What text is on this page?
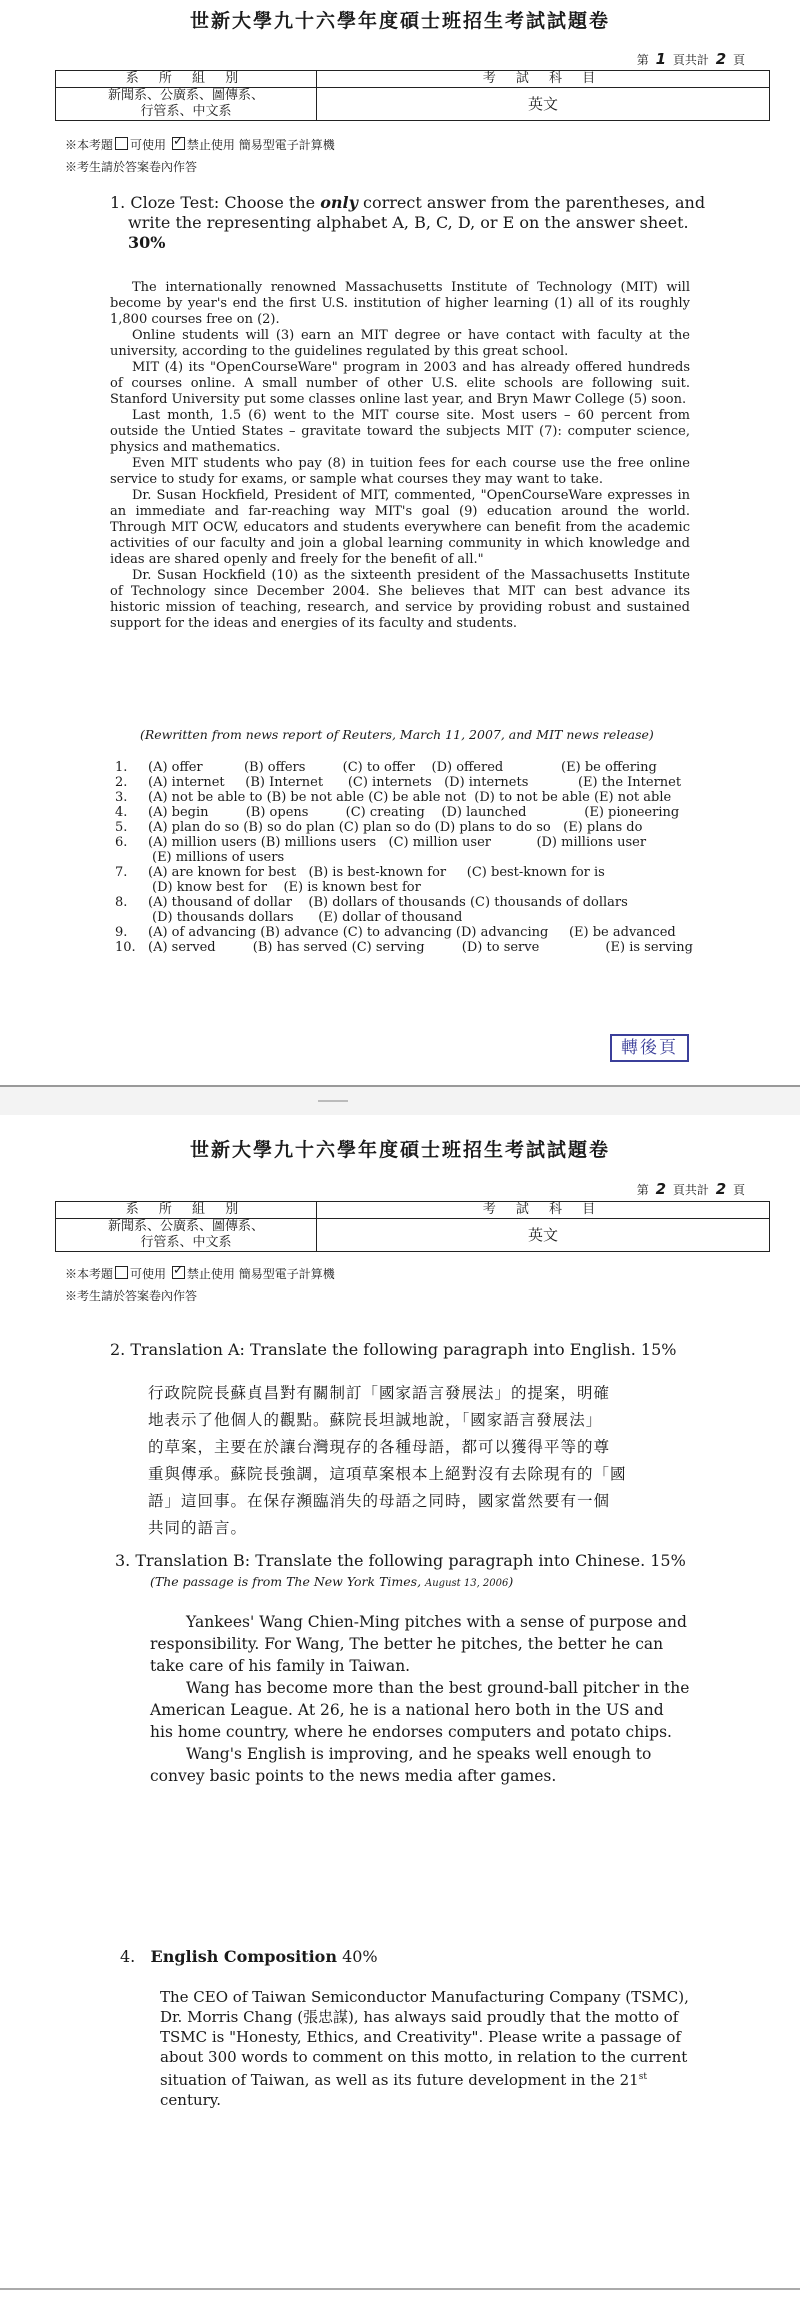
世新大學九十六學年度碩士班招生考試試題卷
第 1 頁共計 2 頁
系 所 組 別	考 試 科 目

新聞系、公廣系、圖傳系、
行管系、中文系	英文
※本考題 可使用 ✓ 禁止使用 簡易型電子計算機
※考生請於答案卷內作答
1. Cloze Test: Choose the only correct answer from the parentheses, and
write the representing alphabet A, B, C, D, or E on the answer sheet.
30%

The internationally renowned Massachusetts Institute of Technology (MIT) will become by year's end the first U.S. institution of higher learning (1) all of its roughly 1,800 courses free on (2).

Online students will (3) earn an MIT degree or have contact with faculty at the university, according to the guidelines regulated by this great school.

MIT (4) its "OpenCourseWare" program in 2003 and has already offered hundreds of courses online. A small number of other U.S. elite schools are following suit. Stanford University put some classes online last year, and Bryn Mawr College (5) soon.

Last month, 1.5 (6) went to the MIT course site. Most users – 60 percent from outside the Untied States – gravitate toward the subjects MIT (7): computer science, physics and mathematics.

Even MIT students who pay (8) in tuition fees for each course use the free online service to study for exams, or sample what courses they may want to take.

Dr. Susan Hockfield, President of MIT, commented, "OpenCourseWare expresses in an immediate and far-reaching way MIT's goal (9) education around the world. Through MIT OCW, educators and students everywhere can benefit from the academic activities of our faculty and join a global learning community in which knowledge and ideas are shared openly and freely for the benefit of all."

Dr. Susan Hockfield (10) as the sixteenth president of the Massachusetts Institute of Technology since December 2004. She believes that MIT can best advance its historic mission of teaching, research, and service by providing robust and sustained support for the ideas and energies of its faculty and students.

(Rewritten from news report of Reuters, March 11, 2007, and MIT news release)
1. (A) offer          (B) offers         (C) to offer    (D) offered              (E) be offering
2. (A) internet     (B) Internet      (C) internets   (D) internets            (E) the Internet
3. (A) not be able to (B) be not able (C) be able not  (D) to not be able (E) not able
4. (A) begin         (B) opens         (C) creating    (D) launched              (E) pioneering
5. (A) plan do so (B) so do plan (C) plan so do (D) plans to do so   (E) plans do
6. (A) million users (B) millions users   (C) million user           (D) millions user
(E) millions of users
7. (A) are known for best   (B) is best-known for     (C) best-known for is
(D) know best for    (E) is known best for
8. (A) thousand of dollar    (B) dollars of thousands (C) thousands of dollars
(D) thousands dollars      (E) dollar of thousand
9. (A) of advancing (B) advance (C) to advancing (D) advancing     (E) be advanced
10. (A) served         (B) has served (C) serving         (D) to serve                (E) is serving
轉後頁
世新大學九十六學年度碩士班招生考試試題卷
第 2 頁共計 2 頁
系 所 組 別	考 試 科 目

新聞系、公廣系、圖傳系、
行管系、中文系	英文
※本考題 可使用 ✓ 禁止使用 簡易型電子計算機
※考生請於答案卷內作答
2. Translation A: Translate the following paragraph into English. 15%
行政院院長蘇貞昌對有關制訂「國家語言發展法」的提案，明確
地表示了他個人的觀點。蘇院長坦誠地說，「國家語言發展法」
的草案，主要在於讓台灣現存的各種母語，都可以獲得平等的尊
重與傳承。蘇院長強調，這項草案根本上絕對沒有去除現有的「國
語」這回事。在保存瀕臨消失的母語之同時，國家當然要有一個
共同的語言。
3. Translation B: Translate the following paragraph into Chinese. 15%
(The passage is from The New York Times, August 13, 2006)

Yankees' Wang Chien-Ming pitches with a sense of purpose and responsibility. For Wang, The better he pitches, the better he can take care of his family in Taiwan.

Wang has become more than the best ground-ball pitcher in the American League. At 26, he is a national hero both in the US and his home country, where he endorses computers and potato chips.

Wang's English is improving, and he speaks well enough to convey basic points to the news media after games.

4. English Composition 40%
The CEO of Taiwan Semiconductor Manufacturing Company (TSMC), Dr. Morris Chang (張忠謀), has always said proudly that the motto of TSMC is "Honesty, Ethics, and Creativity". Please write a passage of about 300 words to comment on this motto, in relation to the current situation of Taiwan, as well as its future development in the 21st century.
